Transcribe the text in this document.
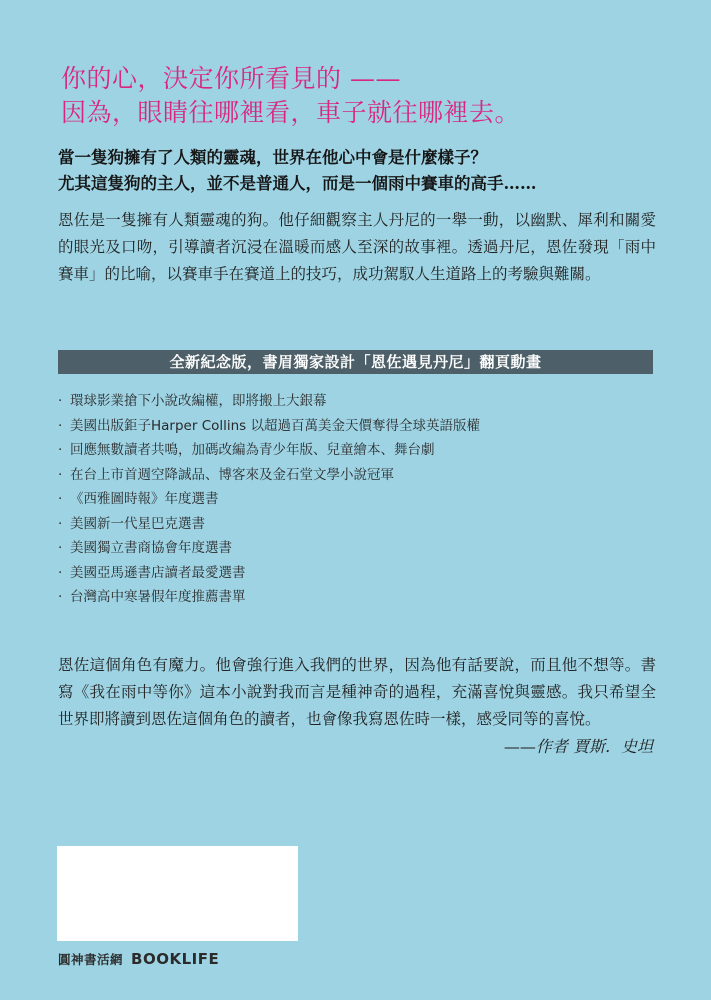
你的心，決定你所看見的 ——
因為，眼睛往哪裡看，車子就往哪裡去。
當一隻狗擁有了人類的靈魂，世界在他心中會是什麼樣子？
尤其這隻狗的主人，並不是普通人，而是一個雨中賽車的高手……
恩佐是一隻擁有人類靈魂的狗。他仔細觀察主人丹尼的一舉一動，以幽默、犀利和關愛的眼光及口吻，引導讀者沉浸在溫暖而感人至深的故事裡。透過丹尼，恩佐發現「雨中賽車」的比喻，以賽車手在賽道上的技巧，成功駕馭人生道路上的考驗與難關。
全新紀念版，書眉獨家設計「恩佐遇見丹尼」翻頁動畫
· 環球影業搶下小說改編權，即將搬上大銀幕
· 美國出版鉅子Harper Collins 以超過百萬美金天價奪得全球英語版權
· 回應無數讀者共鳴，加碼改編為青少年版、兒童繪本、舞台劇
· 在台上市首週空降誠品、博客來及金石堂文學小說冠軍
· 《西雅圖時報》年度選書
· 美國新一代星巴克選書
· 美國獨立書商協會年度選書
· 美國亞馬遜書店讀者最愛選書
· 台灣高中寒暑假年度推薦書單
恩佐這個角色有魔力。他會強行進入我們的世界，因為他有話要說，而且他不想等。書寫《我在雨中等你》這本小說對我而言是種神奇的過程，充滿喜悅與靈感。我只希望全世界即將讀到恩佐這個角色的讀者，也會像我寫恩佐時一樣，感受同等的喜悅。
——作者 賈斯．史坦
圓神書活網 BOOKLIFE
